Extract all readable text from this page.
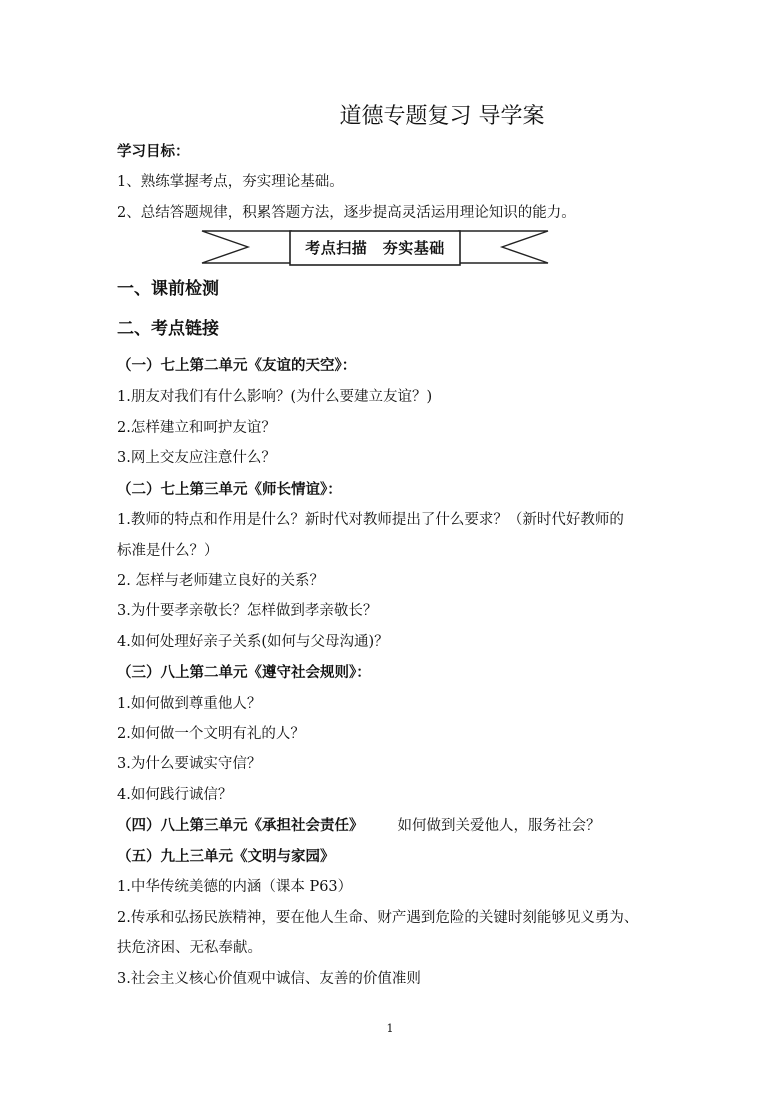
道德专题复习 导学案
学习目标：
1、熟练掌握考点，夯实理论基础。
2、总结答题规律，积累答题方法，逐步提高灵活运用理论知识的能力。
考点扫描　夯实基础
一、课前检测
二、考点链接
（一）七上第二单元《友谊的天空》：
1.朋友对我们有什么影响？(为什么要建立友谊？)
2.怎样建立和呵护友谊？
3.网上交友应注意什么？
（二）七上第三单元《师长情谊》：
1.教师的特点和作用是什么？新时代对教师提出了什么要求？（新时代好教师的
标准是什么？）
2. 怎样与老师建立良好的关系？
3.为什要孝亲敬长？怎样做到孝亲敬长？
4.如何处理好亲子关系(如何与父母沟通)？
（三）八上第二单元《遵守社会规则》：
1.如何做到尊重他人？
2.如何做一个文明有礼的人？
3.为什么要诚实守信？
4.如何践行诚信？
（四）八上第三单元《承担社会责任》 如何做到关爱他人，服务社会？
（五）九上三单元《文明与家园》
1.中华传统美德的内涵（课本 P63）
2.传承和弘扬民族精神，要在他人生命、财产遇到危险的关键时刻能够见义勇为、
扶危济困、无私奉献。
3.社会主义核心价值观中诚信、友善的价值准则
1
